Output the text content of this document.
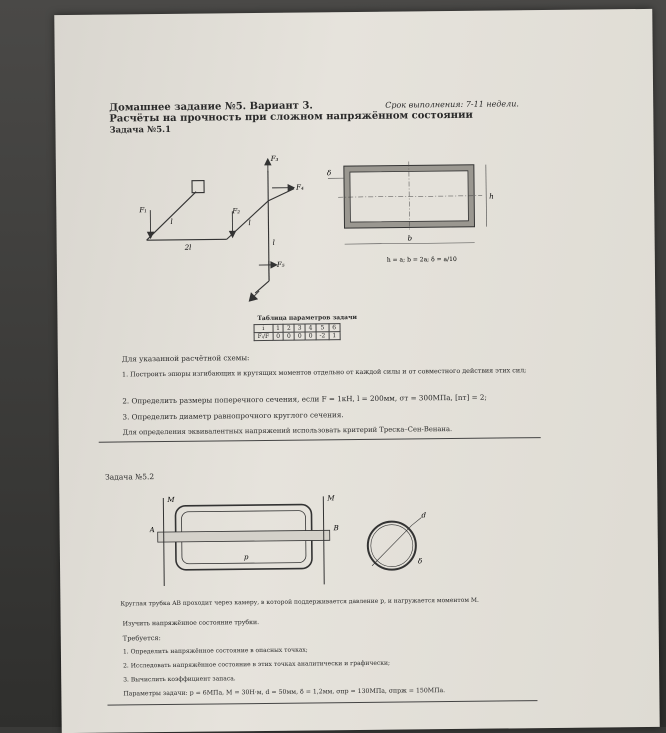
Домашнее задание №5. Вариант 3.	Срок выполнения: 7-11 недели.
Расчёты на прочность при сложном напряжённом состоянии
Задача №5.1
F₁	F₂
F₃
F₄
F₅
l
2l
l
l
δ
h
b
h = a; b = 2a; δ = a/10
Таблица параметров задачи
i	1	2	3	4	5	6
Fᵢ/F	0	0	0	0	-2	1
Для указанной расчётной схемы:
1. Построить эпюры изгибающих и крутящих моментов отдельно от каждой силы и от совместного действия этих сил;
2. Определить размеры поперечного сечения, если F = 1кН, l = 200мм, σт = 300МПа, [nт] = 2;
3. Определить диаметр равнопрочного круглого сечения.
Для определения эквивалентных напряжений использовать критерий Треска–Сен-Венана.
Задача №5.2
M	M
A	B
p
d
δ
Круглая трубка AB проходит через камеру, в которой поддерживается давление p, и нагружается моментом M.
Изучить напряжённое состояние трубки.
Требуется:
1. Определить напряжённое состояние в опасных точках;
2. Исследовать напряжённое состояние в этих точках аналитически и графически;
3. Вычислить коэффициент запаса.
Параметры задачи: p = 6МПа, M = 30Н·м, d = 50мм, δ = 1,2мм, σпр = 130МПа, σпрж = 150МПа.
